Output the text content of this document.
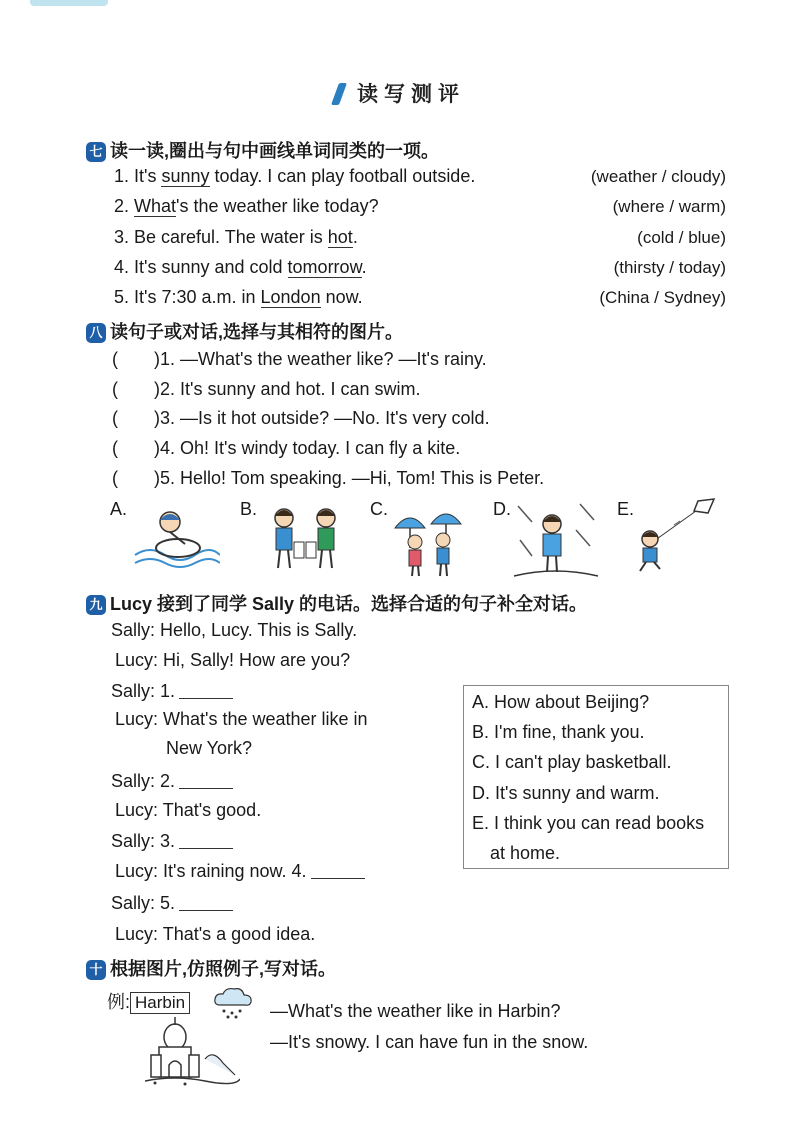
读写测评
七 读一读,圈出与句中画线单词同类的一项。
1. It's sunny today. I can play football outside.	(weather / cloudy)
2. What's the weather like today?	(where / warm)
3. Be careful. The water is hot.	(cold / blue)
4. It's sunny and cold tomorrow.	(thirsty / today)
5. It's 7:30 a.m. in London now.	(China / Sydney)
八 读句子或对话,选择与其相符的图片。
( )1. —What's the weather like? —It's rainy.
( )2. It's sunny and hot. I can swim.
( )3. —Is it hot outside? —No. It's very cold.
( )4. Oh! It's windy today. I can fly a kite.
( )5. Hello! Tom speaking. —Hi, Tom! This is Peter.
A.	B.	C.	D.	E.
九 Lucy 接到了同学 Sally 的电话。选择合适的句子补全对话。
Sally: Hello, Lucy. This is Sally.
Lucy: Hi, Sally! How are you?
Sally: 1.
Lucy: What's the weather like in
New York?
Sally: 2.
Lucy: That's good.
Sally: 3.
Lucy: It's raining now. 4.
Sally: 5.
Lucy: That's a good idea.
A. How about Beijing?
B. I'm fine, thank you.
C. I can't play basketball.
D. It's sunny and warm.
E. I think you can read books
at home.
十 根据图片,仿照例子,写对话。
例: Harbin	—What's the weather like in Harbin?
—It's snowy. I can have fun in the snow.
